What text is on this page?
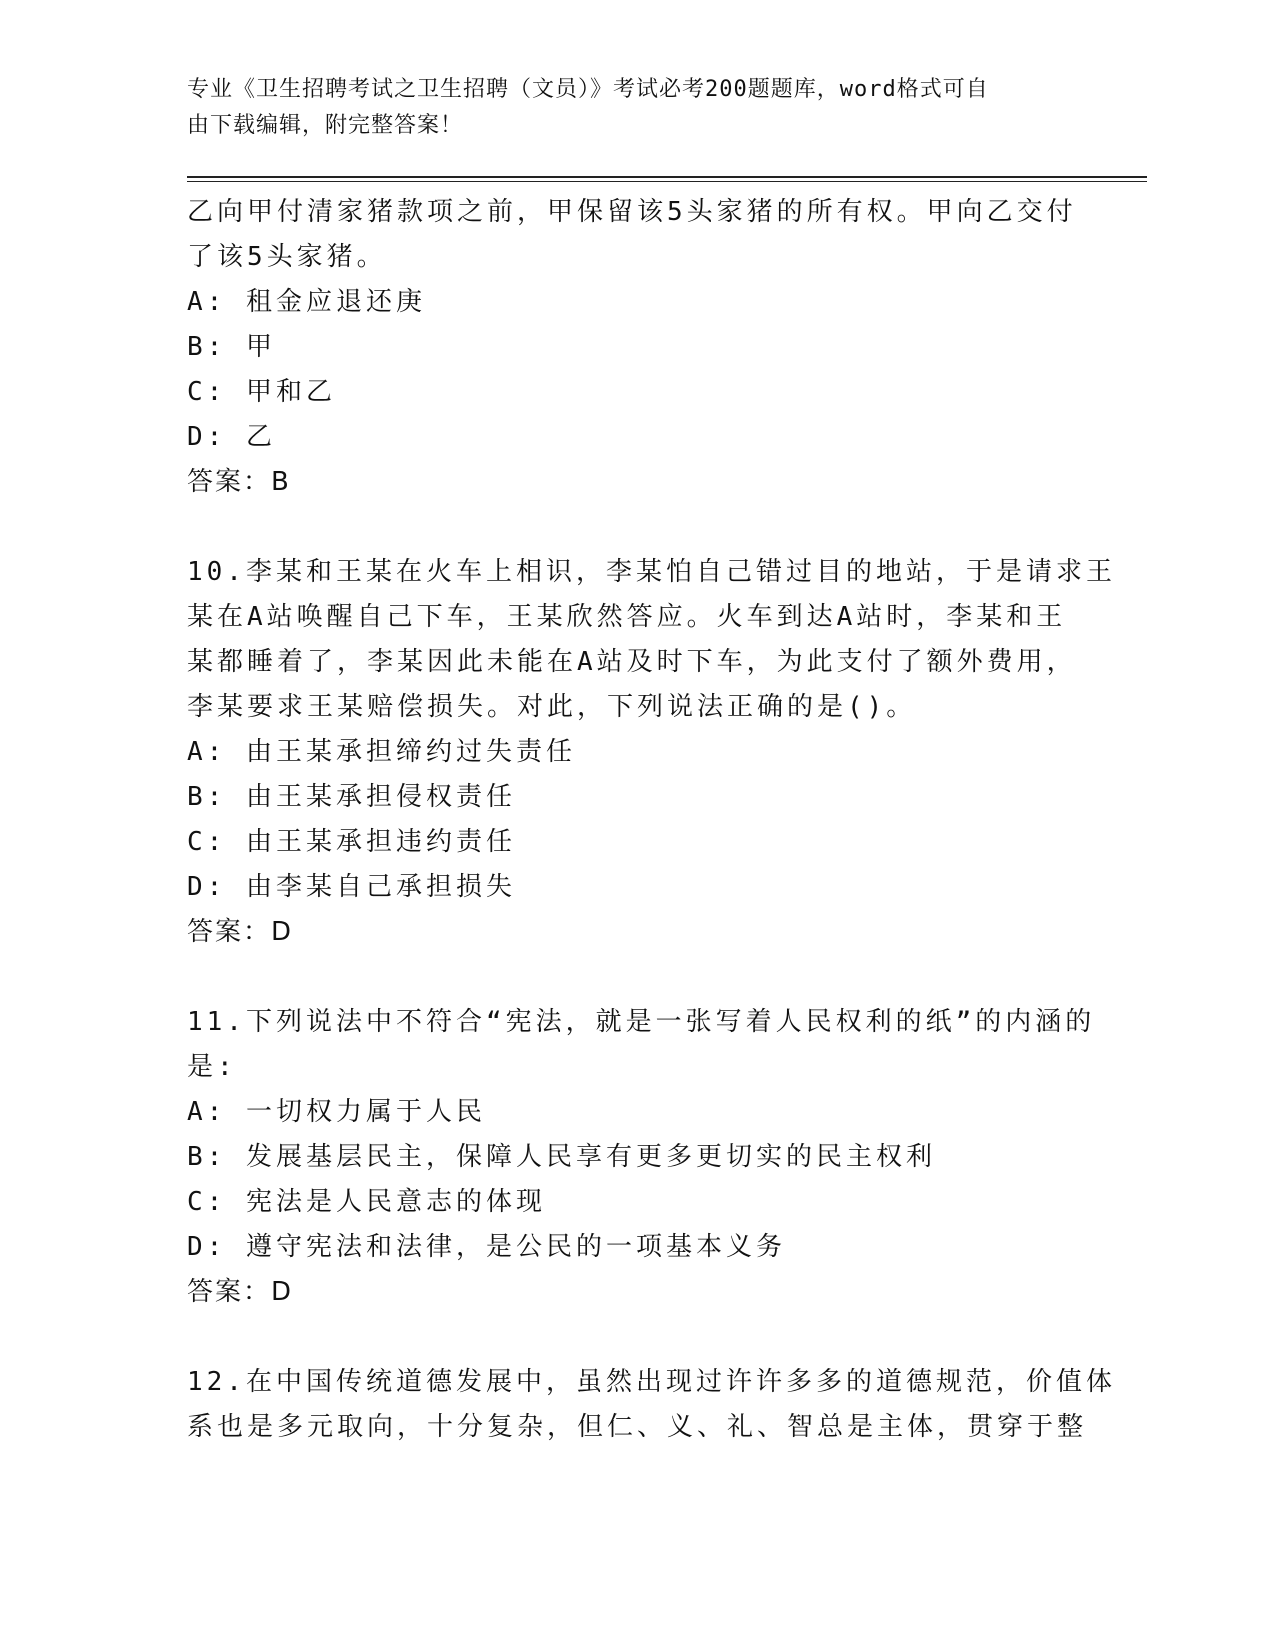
专业《卫生招聘考试之卫生招聘（文员）》考试必考200题题库，word格式可自
由下载编辑，附完整答案！
乙向甲付清家猪款项之前，甲保留该5头家猪的所有权。甲向乙交付
了该5头家猪。
A: 租金应退还庚
B: 甲
C: 甲和乙
D: 乙
答案：B
10.李某和王某在火车上相识，李某怕自己错过目的地站，于是请求王
某在A站唤醒自己下车，王某欣然答应。火车到达A站时，李某和王
某都睡着了，李某因此未能在A站及时下车，为此支付了额外费用，
李某要求王某赔偿损失。对此，下列说法正确的是()。
A: 由王某承担缔约过失责任
B: 由王某承担侵权责任
C: 由王某承担违约责任
D: 由李某自己承担损失
答案：D
11.下列说法中不符合“宪法，就是一张写着人民权利的纸”的内涵的
是:
A: 一切权力属于人民
B: 发展基层民主，保障人民享有更多更切实的民主权利
C: 宪法是人民意志的体现
D: 遵守宪法和法律，是公民的一项基本义务
答案：D
12.在中国传统道德发展中，虽然出现过许许多多的道德规范，价值体
系也是多元取向，十分复杂，但仁、义、礼、智总是主体，贯穿于整
